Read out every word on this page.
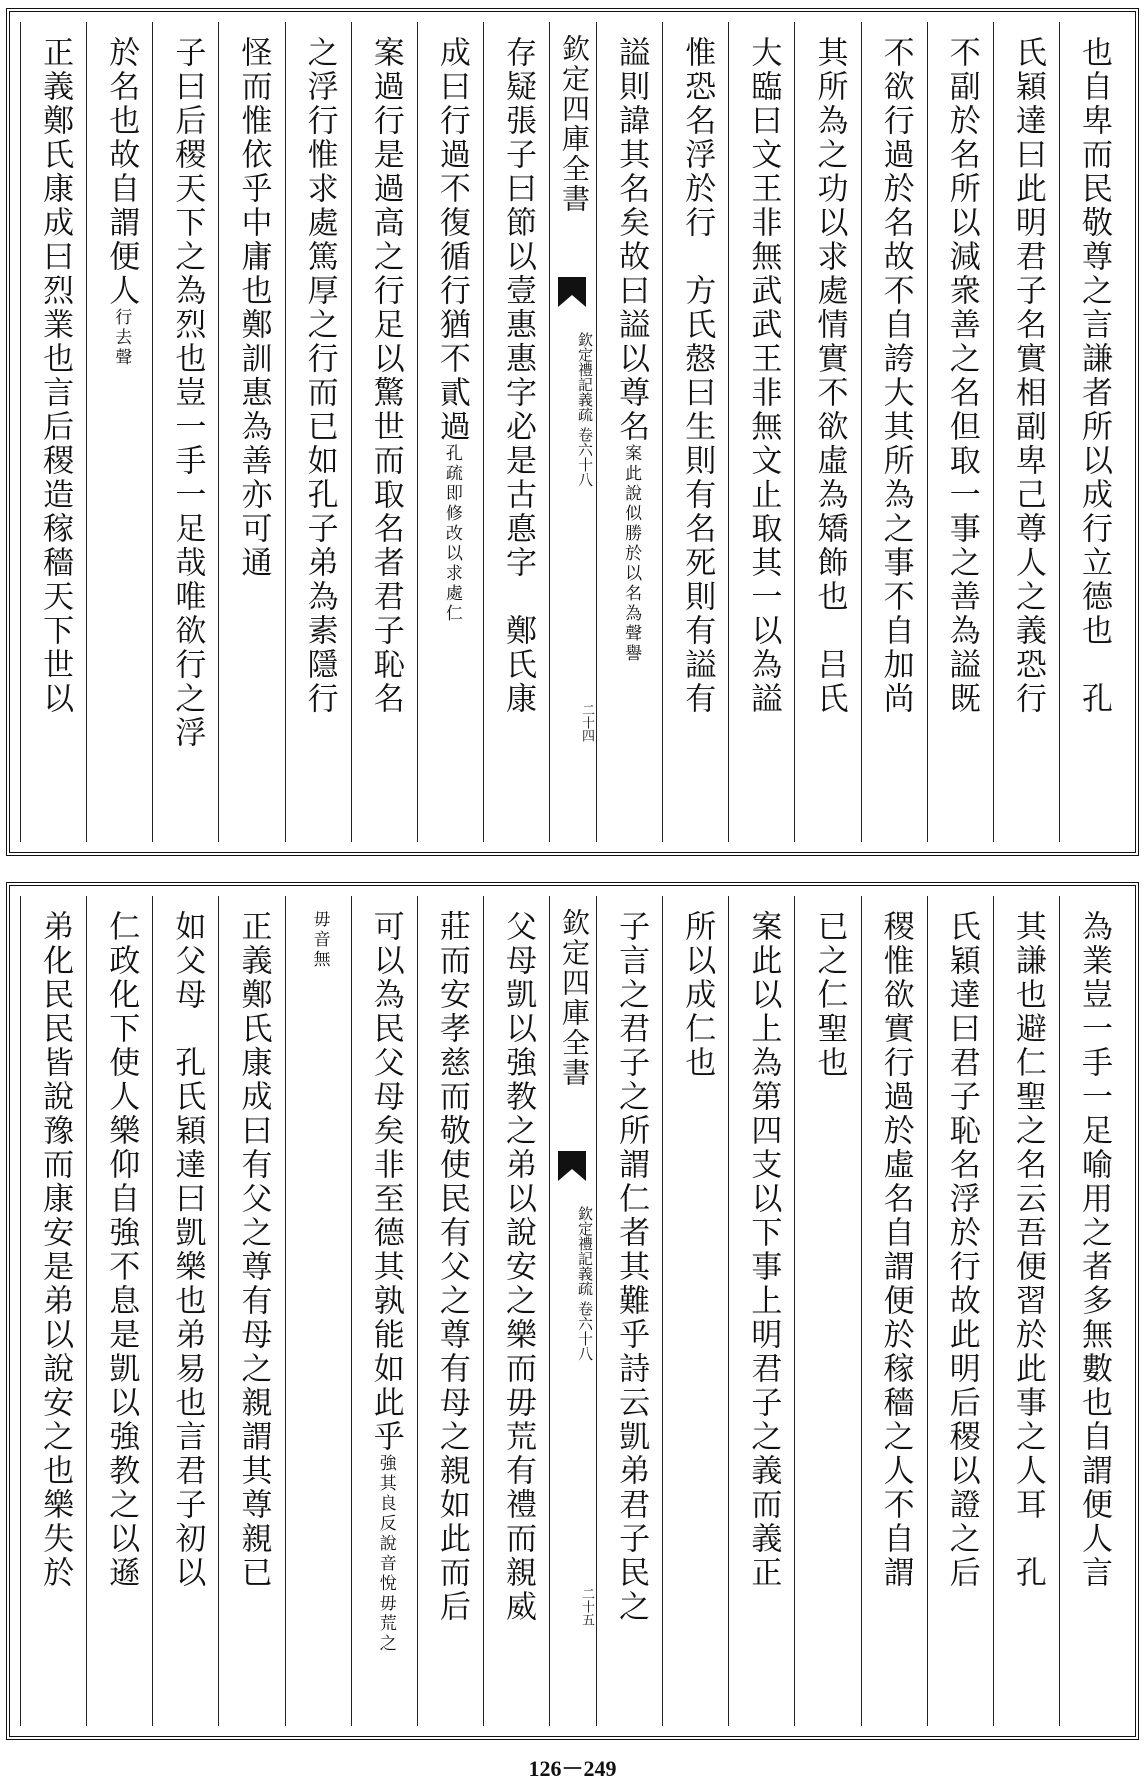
也自卑而民敬尊之言謙者所以成行立德也　孔
氏穎達曰此明君子名實相副卑己尊人之義恐行
不副於名所以減衆善之名但取一事之善為謚既
不欲行過於名故不自誇大其所為之事不自加尚
其所為之功以求處情實不欲虛為矯飾也　吕氏
大臨曰文王非無武武王非無文止取其一以為謚
惟恐名浮於行　方氏慤曰生則有名死則有謚有
謚則諱其名矣故曰謚以尊名案此說似勝於以名為聲譽
欽定四庫全書
欽定禮記義疏 卷六十八
二十四
存疑張子曰節以壹惠惠字必是古悳字　鄭氏康
成曰行過不復循行猶不貳過孔疏即修改以求處仁
案過行是過高之行足以驚世而取名者君子恥名
之浮行惟求處篤厚之行而已如孔子弟為素隱行
怪而惟依乎中庸也鄭訓惠為善亦可通
子曰后稷天下之為烈也豈一手一足哉唯欲行之浮
於名也故自謂便人行去聲
正義鄭氏康成曰烈業也言后稷造稼穡天下世以
為業豈一手一足喻用之者多無數也自謂便人言
其謙也避仁聖之名云吾便習於此事之人耳　孔
氏穎達曰君子恥名浮於行故此明后稷以證之后
稷惟欲實行過於虛名自謂便於稼穡之人不自謂
已之仁聖也
案此以上為第四支以下事上明君子之義而義正
所以成仁也
子言之君子之所謂仁者其難乎詩云凱弟君子民之
欽定四庫全書
欽定禮記義疏 卷六十八
二十五
父母凱以強教之弟以說安之樂而毋荒有禮而親威
莊而安孝慈而敬使民有父之尊有母之親如此而后
可以為民父母矣非至德其孰能如此乎強其良反說音悅毋荒之
毋音無
正義鄭氏康成曰有父之尊有母之親謂其尊親已
如父母　孔氏穎達曰凱樂也弟易也言君子初以
仁政化下使人樂仰自強不息是凱以強教之以遜
弟化民民皆說豫而康安是弟以說安之也樂失於
126－249
